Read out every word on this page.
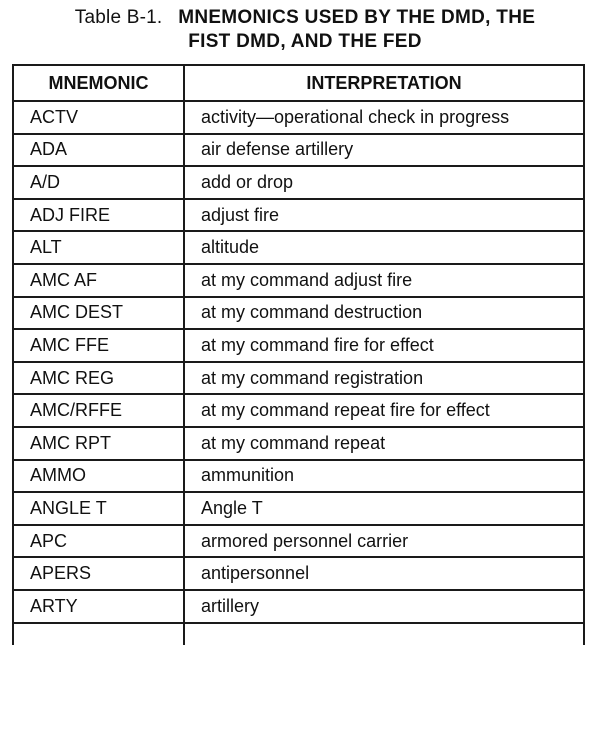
Table B-1. MNEMONICS USED BY THE DMD, THE
FIST DMD, AND THE FED
MNEMONIC	INTERPRETATION
ACTV	activity—operational check in progress
ADA	air defense artillery
A/D	add or drop
ADJ FIRE	adjust fire
ALT	altitude
AMC AF	at my command adjust fire
AMC DEST	at my command destruction
AMC FFE	at my command fire for effect
AMC REG	at my command registration
AMC/RFFE	at my command repeat fire for effect
AMC RPT	at my command repeat
AMMO	ammunition
ANGLE T	Angle T
APC	armored personnel carrier
APERS	antipersonnel
ARTY	artillery
